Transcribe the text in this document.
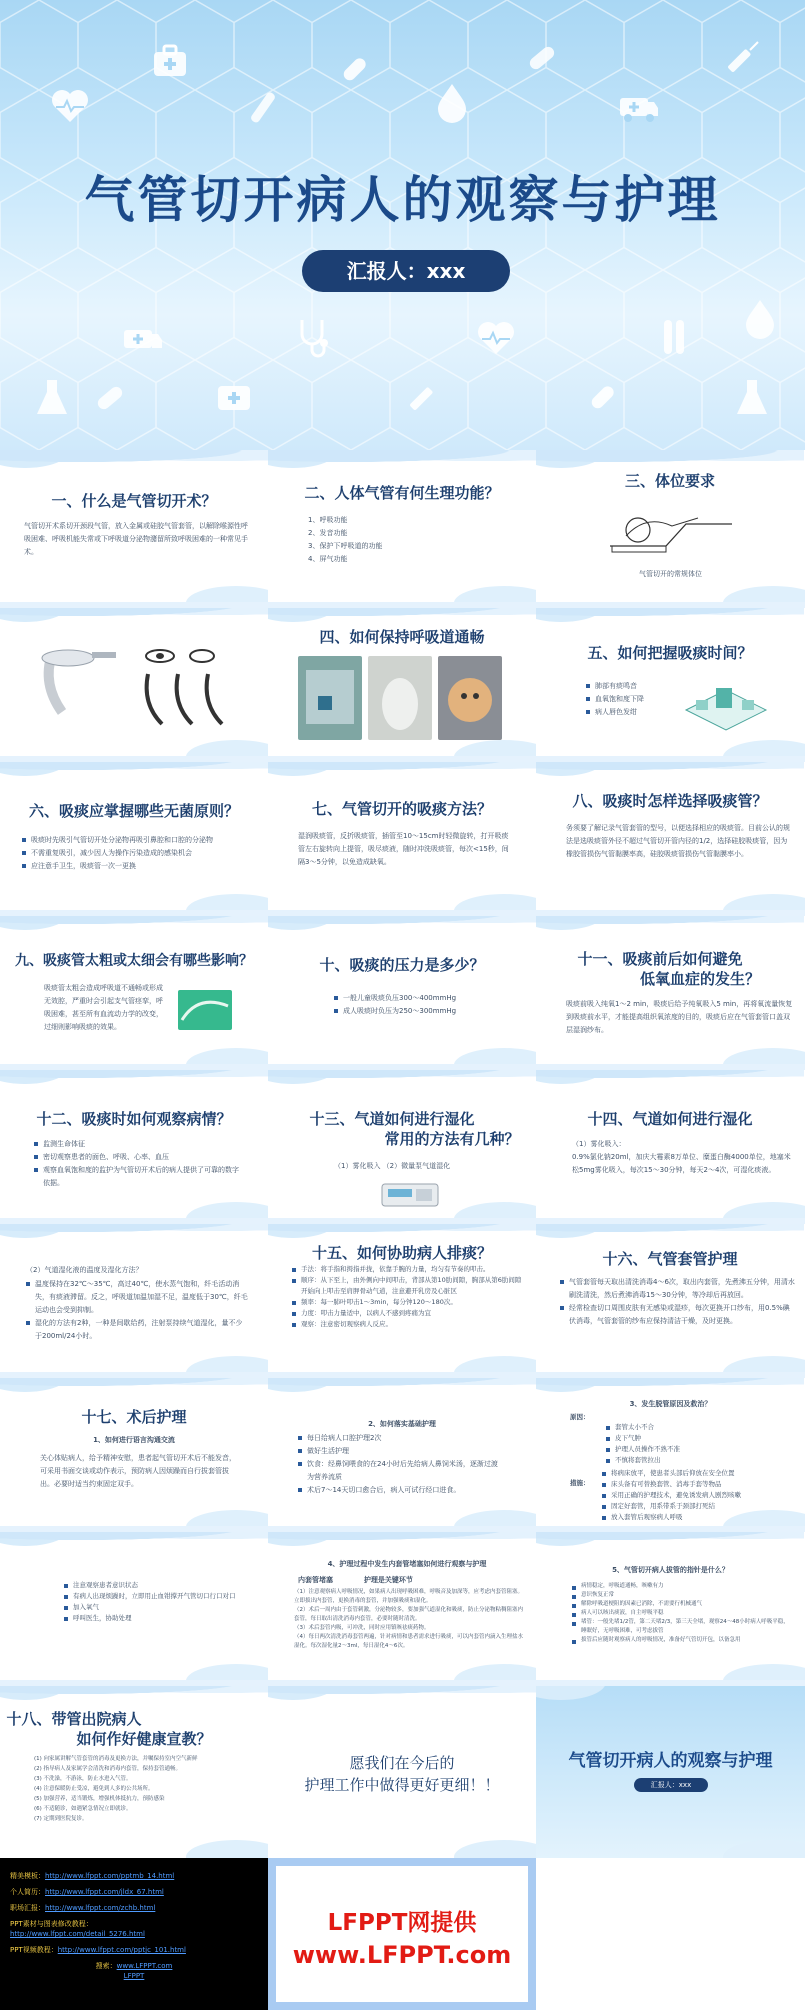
气管切开病人的观察与护理
汇报人：xxx
一、什么是气管切开术？
气管切开术系切开颈段气管，放入金属或硅胶气管套管，以解除喉源性呼吸困难、呼吸机能失常或下呼吸道分泌物潴留所致呼吸困难的一种常见手术。
二、人体气管有何生理功能？
1、呼吸功能
2、发音功能
3、保护下呼吸道的功能
4、屏气功能
三、体位要求
气管切开的常规体位
四、如何保持呼吸道通畅
五、如何把握吸痰时间？
肺部有痰鸣音
血氧饱和度下降
病人唇色发绀
六、吸痰应掌握哪些无菌原则？
吸痰时先吸引气管切开处分泌物再吸引鼻腔和口腔的分泌物
不需重复吸引，减少因人为操作污染造成的感染机会
应注意手卫生，吸痰管一次一更换
七、气管切开的吸痰方法？
湿润吸痰管，反折吸痰管，插管至10～15cm时轻微旋转，打开吸痰管左右旋转向上提管，吸尽痰液，随时冲洗吸痰管，每次<15秒，间隔3～5分钟，以免造成缺氧。
八、吸痰时怎样选择吸痰管？
务须要了解记录气管套管的型号，以便选择相应的吸痰管。目前公认的规法是选吸痰管外径不超过气管切开管内径的1/2，选择硅胶吸痰管，因为橡胶管损伤气管黏膜率高，硅胶吸痰管损伤气管黏膜率小。
九、吸痰管太粗或太细会有哪些影响？
吸痰管太粗会造成呼吸道不通畅或形成无效腔，严重时会引起支气管痉挛，呼吸困难，甚至所有血流动力学的改变，过细则影响吸痰的效果。
十、吸痰的压力是多少？
一般儿童吸痰负压300～400mmHg
成人吸痰时负压为250～300mmHg
十一、吸痰前后如何避免
低氧血症的发生？
吸痰前吸入纯氧1～2 min，吸痰后给予纯氧吸入5 min，再将氧流量恢复到吸痰前水平，才能提高组织氧浓度的目的，吸痰后应在气管套管口盖双层湿润纱布。
十二、吸痰时如何观察病情？
监测生命体征
密切观察患者的面色、呼吸、心率、血压
观察血氧饱和度的监护为气管切开术后的病人提供了可靠的数字依据。
十三、气道如何进行湿化
常用的方法有几种？
（1）雾化吸入 （2）微量泵气道湿化
十四、气道如何进行湿化
（1）雾化吸入：
0.9%氯化钠20ml，加庆大霉素8万单位、糜蛋白酶4000单位，地塞米松5mg雾化吸入，每次15～30分钟，每天2～4次，可湿化痰液。
（2）气道湿化液的温度及湿化方法？
温度保持在32℃～35℃，高过40℃，使水蒸气饱和，纤毛活动消失，有痰液滞留。反之，呼吸道加温加湿不足，温度低于30℃，纤毛运动也会受到抑制。
湿化的方法有2种，一种是间歇给药，注射泵持续气道湿化，量不少于200ml/24小时。
十五、如何协助病人排痰？
手法：将手指和拇指并拢，依靠手腕的力量，均匀有节奏的叩击。
顺序：从下至上，由外侧向中间叩击，背部从第10肋间隙，胸部从第6肋间隙开始向上叩击至肩胛骨动气道，注意避开乳房及心脏区
频率：每一肺叶叩击1～3min，每分钟120～180次。
力度：叩击力量适中，以病人不感到疼痛为宜
观察：注意密切观察病人反应。
十六、气管套管护理
气管套管每天取出清洗消毒4～6次，取出内套管，先煮沸五分钟，用清水刷洗清洗，然后煮沸消毒15～30分钟，等冷却后再放回。
经常检查切口周围皮肤有无感染或湿疹，每次更换开口纱布，用0.5%碘伏消毒，气管套管的纱布应保持清洁干燥，及时更换。
十七、术后护理
1、如何进行语言沟通交流
关心体贴病人，给予精神安慰，患者起气管切开术后不能发音，可采用书面交谈或动作表示，预防病人因烦躁而自行拔套管拔出。必要时适当约束固定双手。
2、如何落实基础护理
每日给病人口腔护理2次
做好生活护理
饮食：经鼻饲喂食的在24小时后先给病人鼻饲米汤，逐渐过渡为营养流质
术后7～14天切口愈合后，病人可试行经口进食。
3、发生脱管原因及救治？
原因：
套管太小不合
皮下气肿
护理人员操作不熟不准
不慎将套管拉出
措施：
将病床放平，使患者头部后仰放在安全位置
床头备有可替换套管、消毒手套等物品
采用正确的护理技术，避免诱发病人剧烈咳嗽
固定好套管，用系带系于颈部打死结
放入套管后观察病人呼吸
注意观察患者意识状态
有病人出现烦躁时，立即用止血钳撑开气管切口行口对口
加入氧气
呼叫医生，协助处理
4、护理过程中发生内套管堵塞如何进行观察与护理
内套管堵塞	护理是关键环节
（1）注意观察病人呼吸情况，如果病人出现呼吸困难，呼吸音及加深等，应考虑内套管阻塞。立即拔出内套管，更换消毒的套管，并加强吸痰和湿化。
（2）术后一周内由于套管刺激，分泌物较多，要加强气道湿化和吸痰，防止分泌物粘稠阻塞内套管，每日取出清洗消毒内套管，必要时随时清洗。
（3）术后套管内吸，可冲洗，同时应用镇咳祛痰药物。
（4）每日两次清洗消毒套管两遍，针对病情和患者需求进行吸痰，可以内套管内滴入生理盐水湿化。每次湿化量2～3ml，每日湿化4～6次。
5、气管切开病人拔管的指针是什么？
病情稳定，呼吸道通畅，咳嗽有力
意识恢复正常
解除呼吸道梗阻的因素已消除，不需要行机械通气
病人可以咳出痰液，自主呼吸平稳
堵管：一般先堵1/2管，第二天堵2/3，第三天全堵，观察24～48小时病人呼吸平稳，睡眠好，无呼吸困难，可考虑拔管
拔管后应随时观察病人的呼吸情况，准备好气管切开包，以备急用
十八、带管出院病人
如何作好健康宣教？
(1) 向家属讲解气管套管的消毒及更换方法，并嘱保持室内空气新鲜
(2) 指导病人及家属学会清洗和消毒内套管，保持套管通畅。
(3) 不洗澡，不游泳，防止水进入气管。
(4) 注意保暖防止受凉，避免到人多的公共场所。
(5) 加强营养，适当锻炼，增强机体抵抗力，预防感染
(6) 不适随诊，如遇紧急情况立即就诊。
(7) 定期到医院复诊。
愿我们在今后的
护理工作中做得更好更细！！
气管切开病人的观察与护理
汇报人：xxx
精美模板：http://www.lfppt.com/pptmb_14.html
个人简历：http://www.lfppt.com/jldx_67.html
职场汇报：http://www.lfppt.com/zchb.html
PPT素材与图表修改教程：
http://www.lfppt.com/detail_5276.html
PPT视频教程：http://www.lfppt.com/pptjc_101.html
搜索：www.LFPPT.com
LFPPT
LFPPT网提供
www.LFPPT.com
